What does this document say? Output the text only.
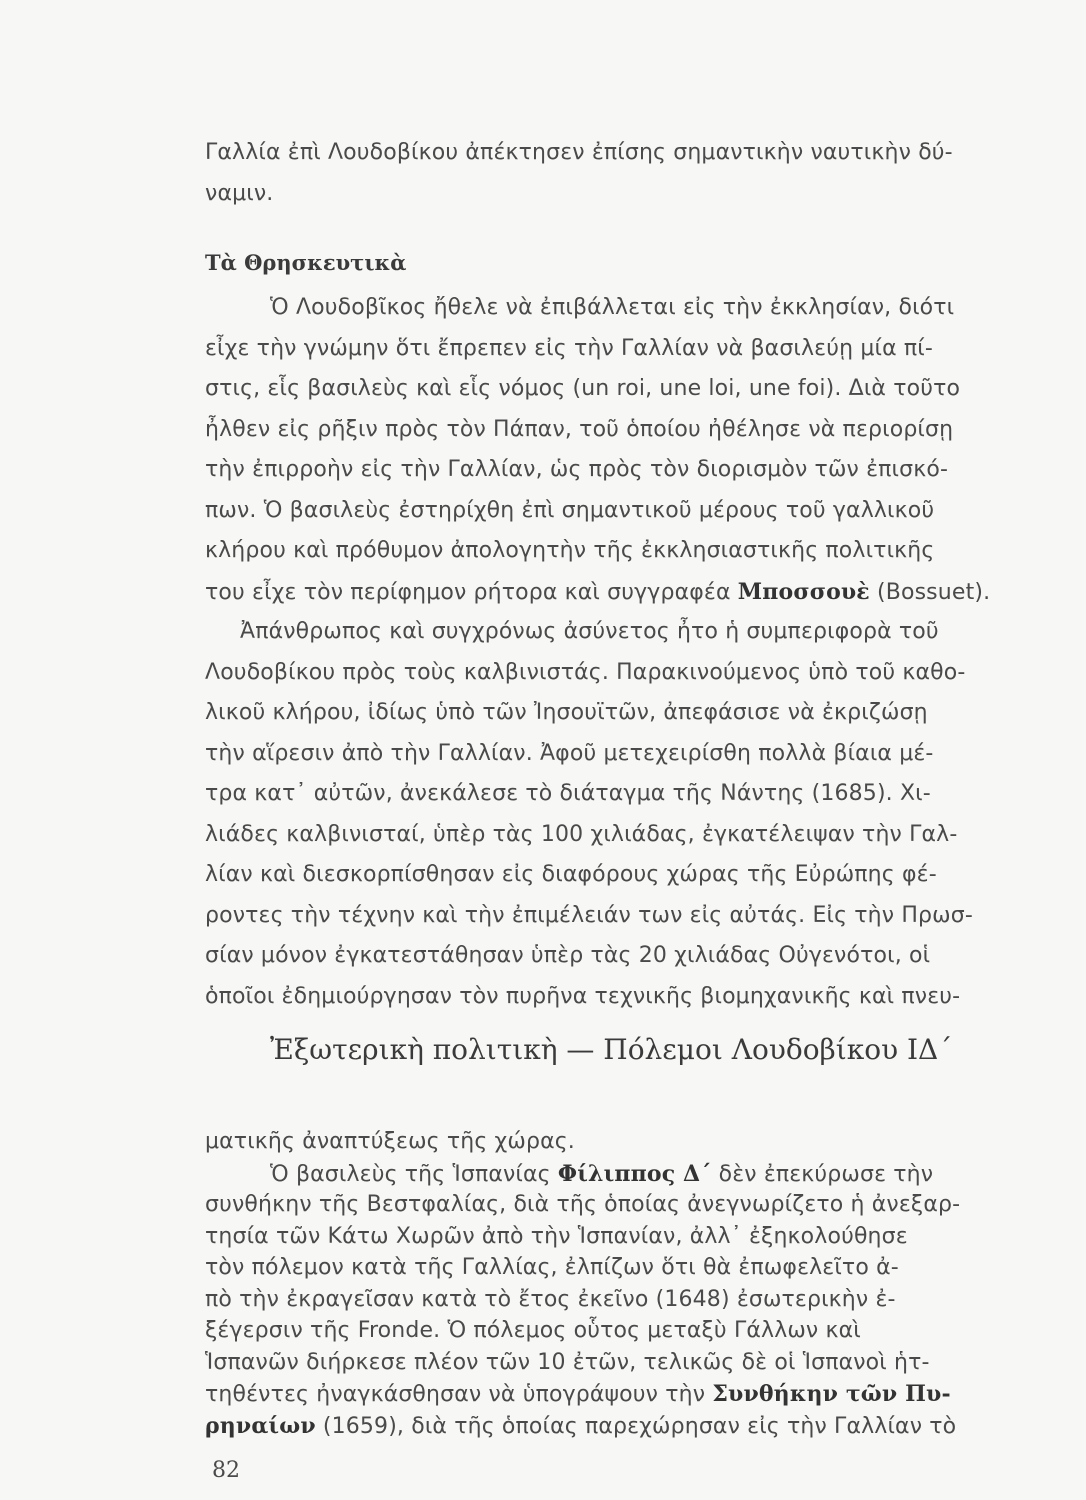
Γαλλία ἐπὶ Λουδοβίκου ἀπέκτησεν ἐπίσης σημαντικὴν ναυτικὴν δύ-
ναμιν.
Τὰ Θρησκευτικὰ
Ὁ Λουδοβῖκος ἤθελε νὰ ἐπιβάλλεται εἰς τὴν ἐκκλησίαν, διότι
εἶχε τὴν γνώμην ὅτι ἔπρεπεν εἰς τὴν Γαλλίαν νὰ βασιλεύῃ μία πί-
στις, εἷς βασιλεὺς καὶ εἷς νόμος (un roi, une loi, une foi). Διὰ τοῦτο
ἦλθεν εἰς ρῆξιν πρὸς τὸν Πάπαν, τοῦ ὁποίου ἠθέλησε νὰ περιορίσῃ
τὴν ἐπιρροὴν εἰς τὴν Γαλλίαν, ὡς πρὸς τὸν διορισμὸν τῶν ἐπισκό-
πων. Ὁ βασιλεὺς ἐστηρίχθη ἐπὶ σημαντικοῦ μέρους τοῦ γαλλικοῦ
κλήρου καὶ πρόθυμον ἀπολογητὴν τῆς ἐκκλησιαστικῆς πολιτικῆς
του εἶχε τὸν περίφημον ρήτορα καὶ συγγραφέα Μποσσουὲ (Bossuet).
Ἀπάνθρωπος καὶ συγχρόνως ἀσύνετος ἦτο ἡ συμπεριφορὰ τοῦ
Λουδοβίκου πρὸς τοὺς καλβινιστάς. Παρακινούμενος ὑπὸ τοῦ καθο-
λικοῦ κλήρου, ἰδίως ὑπὸ τῶν Ἰησουϊτῶν, ἀπεφάσισε νὰ ἐκριζώσῃ
τὴν αἵρεσιν ἀπὸ τὴν Γαλλίαν. Ἀφοῦ μετεχειρίσθη πολλὰ βίαια μέ-
τρα κατ᾽ αὐτῶν, ἀνεκάλεσε τὸ διάταγμα τῆς Νάντης (1685). Χι-
λιάδες καλβινισταί, ὑπὲρ τὰς 100 χιλιάδας, ἐγκατέλειψαν τὴν Γαλ-
λίαν καὶ διεσκορπίσθησαν εἰς διαφόρους χώρας τῆς Εὐρώπης φέ-
ροντες τὴν τέχνην καὶ τὴν ἐπιμέλειάν των εἰς αὐτάς. Εἰς τὴν Πρωσ-
σίαν μόνον ἐγκατεστάθησαν ὑπὲρ τὰς 20 χιλιάδας Οὐγενότοι, οἱ
ὁποῖοι ἐδημιούργησαν τὸν πυρῆνα τεχνικῆς βιομηχανικῆς καὶ πνευ-
ματικῆς ἀναπτύξεως τῆς χώρας.
Ἐξωτερικὴ πολιτικὴ — Πόλεμοι Λουδοβίκου ΙΔ΄
Ὁ βασιλεὺς τῆς Ἱσπανίας Φίλιππος Δ΄ δὲν ἐπεκύρωσε τὴν
συνθήκην τῆς Βεστφαλίας, διὰ τῆς ὁποίας ἀνεγνωρίζετο ἡ ἀνεξαρ-
τησία τῶν Κάτω Χωρῶν ἀπὸ τὴν Ἱσπανίαν, ἀλλ᾽ ἐξηκολούθησε
τὸν πόλεμον κατὰ τῆς Γαλλίας, ἐλπίζων ὅτι θὰ ἐπωφελεῖτο ἀ-
πὸ τὴν ἐκραγεῖσαν κατὰ τὸ ἔτος ἐκεῖνο (1648) ἐσωτερικὴν ἐ-
ξέγερσιν τῆς Fronde. Ὁ πόλεμος οὗτος μεταξὺ Γάλλων καὶ
Ἱσπανῶν διήρκεσε πλέον τῶν 10 ἐτῶν, τελικῶς δὲ οἱ Ἱσπανοὶ ἡτ-
τηθέντες ἠναγκάσθησαν νὰ ὑπογράψουν τὴν Συνθήκην τῶν Πυ-
82
ρηναίων (1659), διὰ τῆς ὁποίας παρεχώρησαν εἰς τὴν Γαλλίαν τὸ
